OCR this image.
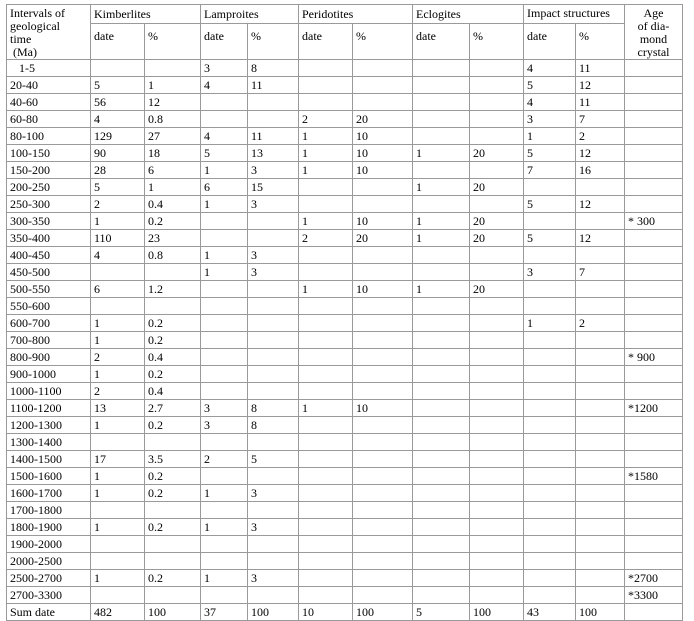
Intervals of
geological
time
(Ma)	Kimberlites		Lamproites		Peridotites		Eclogites		Impact structures		Age
of dia-
mond
crystal
	date	%	date	%	date	%	date	%	date	%	
1-5			3	8					4	11	
20-40	5	1	4	11					5	12	
40-60	56	12							4	11	
60-80	4	0.8			2	20			3	7	
80-100	129	27	4	11	1	10			1	2	
100-150	90	18	5	13	1	10	1	20	5	12	
150-200	28	6	1	3	1	10			7	16	
200-250	5	1	6	15			1	20			
250-300	2	0.4	1	3					5	12	
300-350	1	0.2			1	10	1	20			* 300
350-400	110	23			2	20	1	20	5	12	
400-450	4	0.8	1	3							
450-500			1	3					3	7	
500-550	6	1.2			1	10	1	20			
550-600											
600-700	1	0.2							1	2	
700-800	1	0.2									
800-900	2	0.4									* 900
900-1000	1	0.2									
1000-1100	2	0.4									
1100-1200	13	2.7	3	8	1	10					*1200
1200-1300	1	0.2	3	8							
1300-1400											
1400-1500	17	3.5	2	5							
1500-1600	1	0.2									*1580
1600-1700	1	0.2	1	3							
1700-1800											
1800-1900	1	0.2	1	3							
1900-2000											
2000-2500											
2500-2700	1	0.2	1	3							*2700
2700-3300											*3300
Sum date	482	100	37	100	10	100	5	100	43	100	
